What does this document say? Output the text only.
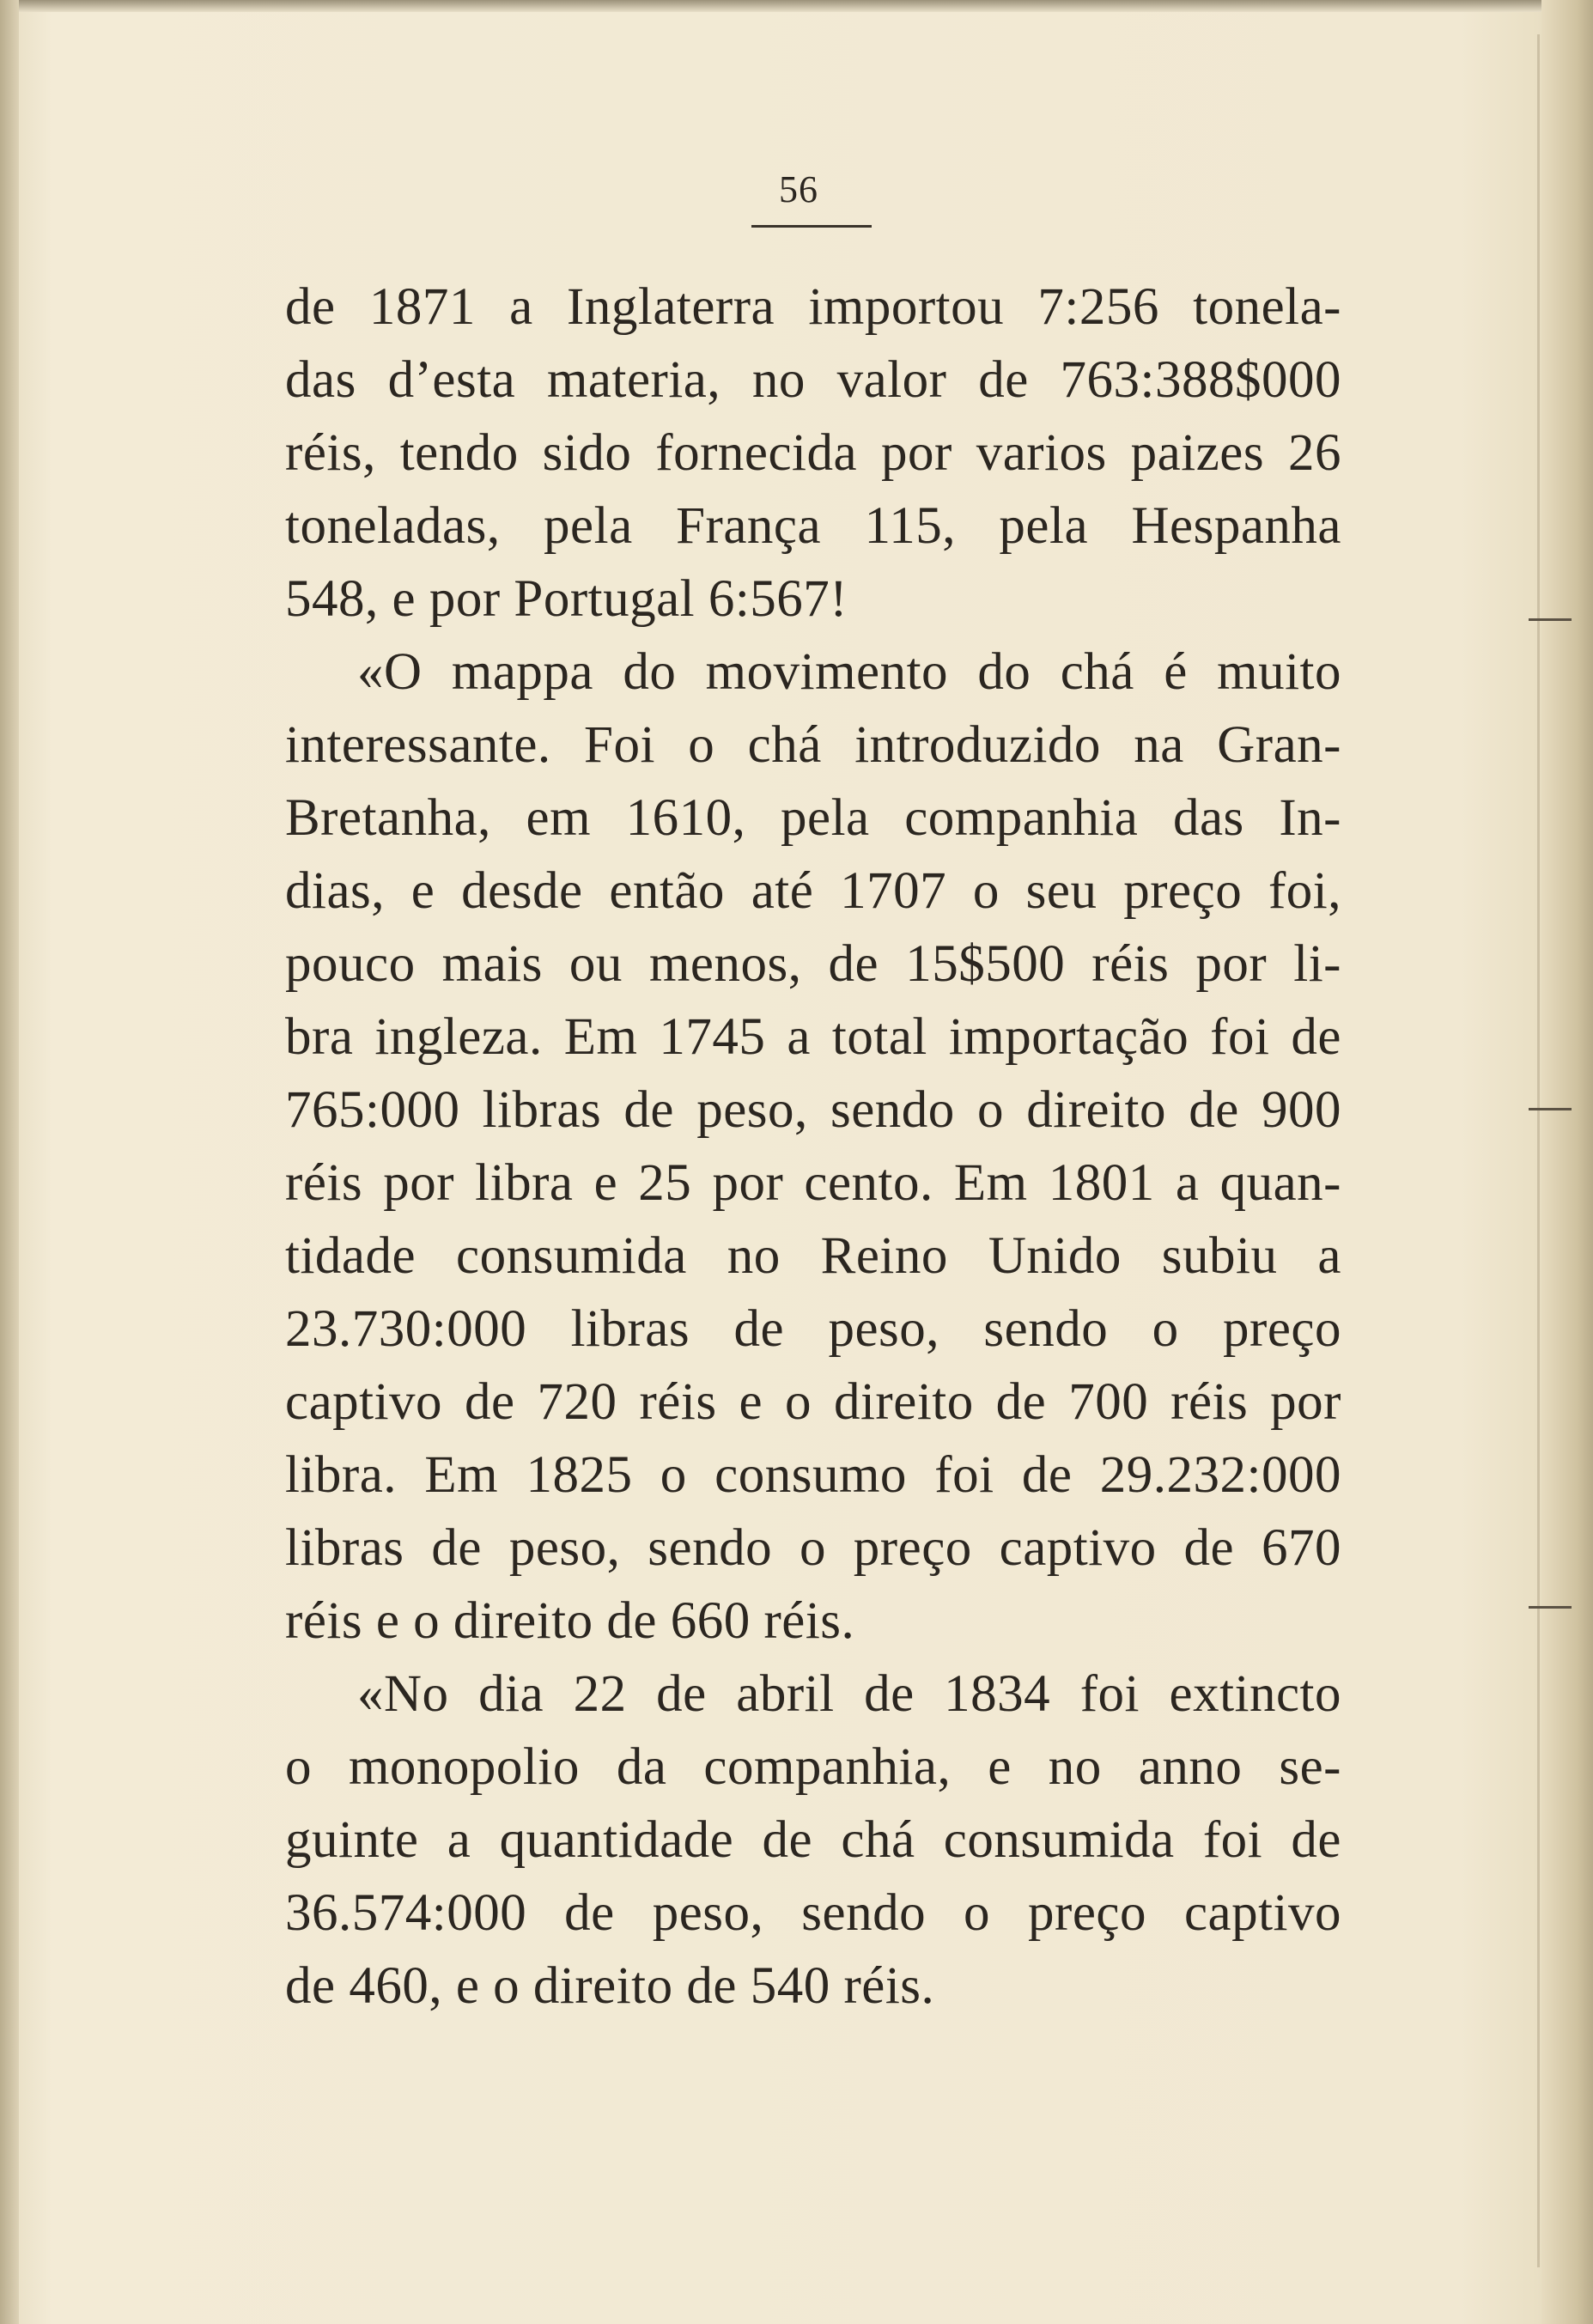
56
de 1871 a Inglaterra importou 7:256 tonela-
das d’esta materia, no valor de 763:388$000
réis, tendo sido fornecida por varios paizes 26
toneladas, pela França 115, pela Hespanha
548, e por Portugal 6:567!
«O mappa do movimento do chá é muito
interessante. Foi o chá introduzido na Gran-
Bretanha, em 1610, pela companhia das In-
dias, e desde então até 1707 o seu preço foi,
pouco mais ou menos, de 15$500 réis por li-
bra ingleza. Em 1745 a total importação foi de
765:000 libras de peso, sendo o direito de 900
réis por libra e 25 por cento. Em 1801 a quan-
tidade consumida no Reino Unido subiu a
23.730:000 libras de peso, sendo o preço
captivo de 720 réis e o direito de 700 réis por
libra. Em 1825 o consumo foi de 29.232:000
libras de peso, sendo o preço captivo de 670
réis e o direito de 660 réis.
«No dia 22 de abril de 1834 foi extincto
o monopolio da companhia, e no anno se-
guinte a quantidade de chá consumida foi de
36.574:000 de peso, sendo o preço captivo
de 460, e o direito de 540 réis.
